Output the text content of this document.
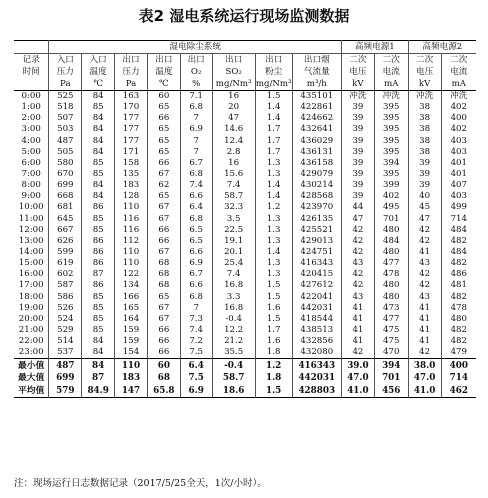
表2 湿电系统运行现场监测数据
	湿电除尘系统								高频电源1		高频电源2	
记录	入口	入口	出口	出口	出口	出口	出口	出口烟	二次	二次	二次	二次
时间	压力	温度	压力	温度	O₂	SO₂	粉尘	气流量	电压	电流	电压	电流
	Pa	℃	Pa	℃	%	mg/Nm³	mg/Nm³	m³/h	kV	mA	kV	mA
0:00	525	84	163	60	7.1	16	1.5	435101	冲洗	冲洗	冲洗	冲洗
1:00	518	85	170	65	6.8	20	1.4	422861	39	395	38	402
2:00	507	84	177	66	7	47	1.4	424662	39	395	38	400
3:00	503	84	177	65	6.9	14.6	1.7	432641	39	395	38	402
4:00	487	84	177	65	7	12.4	1.7	436029	39	395	38	403
5:00	505	84	171	65	7	2.8	1.7	436131	39	395	38	403
6:00	580	85	158	66	6.7	16	1.3	436158	39	394	39	401
7:00	670	85	135	67	6.8	15.6	1.3	429079	39	395	39	401
8:00	699	84	183	62	7.4	7.4	1.4	430214	39	399	39	407
9:00	668	84	128	65	6.6	58.7	1.4	428568	39	402	40	403
10:00	681	86	110	67	6.4	32.3	1.2	423970	44	495	45	499
11:00	645	85	116	67	6.8	3.5	1.3	426135	47	701	47	714
12:00	667	85	116	66	6.5	22.5	1.3	425521	42	480	42	484
13:00	626	86	112	66	6.5	19.1	1.3	429013	42	484	42	482
14:00	599	86	110	67	6.6	20.1	1.4	424751	42	480	41	484
15:00	619	86	110	68	6.9	25.4	1.3	416343	43	477	43	482
16:00	602	87	122	68	6.7	7.4	1.3	420415	42	478	42	486
17:00	587	86	134	68	6.6	16.8	1.5	427612	42	480	42	481
18:00	586	85	166	65	6.8	3.3	1.5	422041	43	480	43	482
19:00	526	85	165	67	7	16.8	1.6	442031	41	473	41	478
20:00	524	85	164	67	7.3	-0.4	1.5	418544	41	477	41	480
21:00	529	85	159	66	7.4	12.2	1.7	438513	41	475	41	482
22:00	514	84	159	66	7.2	21.2	1.6	432856	41	475	41	482
23:00	537	84	154	66	7.5	35.5	1.8	432080	42	470	42	479
最小值	487	84	110	60	6.4	-0.4	1.2	416343	39.0	394	38.0	400
最大值	699	87	183	68	7.5	58.7	1.8	442031	47.0	701	47.0	714
平均值	579	84.9	147	65.8	6.9	18.6	1.5	428803	41.0	456	41.0	462
注：现场运行日志数据记录（2017/5/25全天，1次/小时）。
